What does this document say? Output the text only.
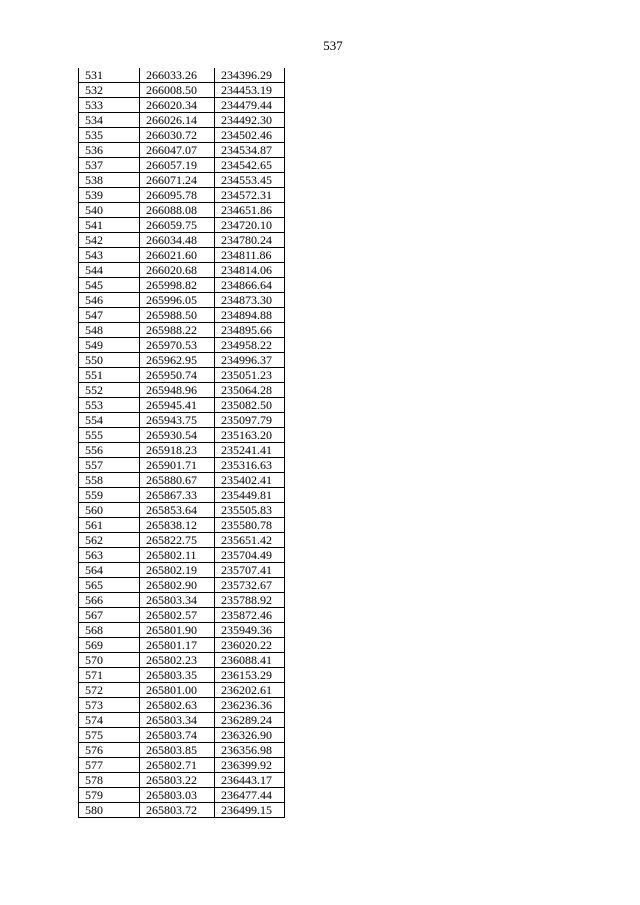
537
531	266033.26	234396.29
532	266008.50	234453.19
533	266020.34	234479.44
534	266026.14	234492.30
535	266030.72	234502.46
536	266047.07	234534.87
537	266057.19	234542.65
538	266071.24	234553.45
539	266095.78	234572.31
540	266088.08	234651.86
541	266059.75	234720.10
542	266034.48	234780.24
543	266021.60	234811.86
544	266020.68	234814.06
545	265998.82	234866.64
546	265996.05	234873.30
547	265988.50	234894.88
548	265988.22	234895.66
549	265970.53	234958.22
550	265962.95	234996.37
551	265950.74	235051.23
552	265948.96	235064.28
553	265945.41	235082.50
554	265943.75	235097.79
555	265930.54	235163.20
556	265918.23	235241.41
557	265901.71	235316.63
558	265880.67	235402.41
559	265867.33	235449.81
560	265853.64	235505.83
561	265838.12	235580.78
562	265822.75	235651.42
563	265802.11	235704.49
564	265802.19	235707.41
565	265802.90	235732.67
566	265803.34	235788.92
567	265802.57	235872.46
568	265801.90	235949.36
569	265801.17	236020.22
570	265802.23	236088.41
571	265803.35	236153.29
572	265801.00	236202.61
573	265802.63	236236.36
574	265803.34	236289.24
575	265803.74	236326.90
576	265803.85	236356.98
577	265802.71	236399.92
578	265803.22	236443.17
579	265803.03	236477.44
580	265803.72	236499.15
